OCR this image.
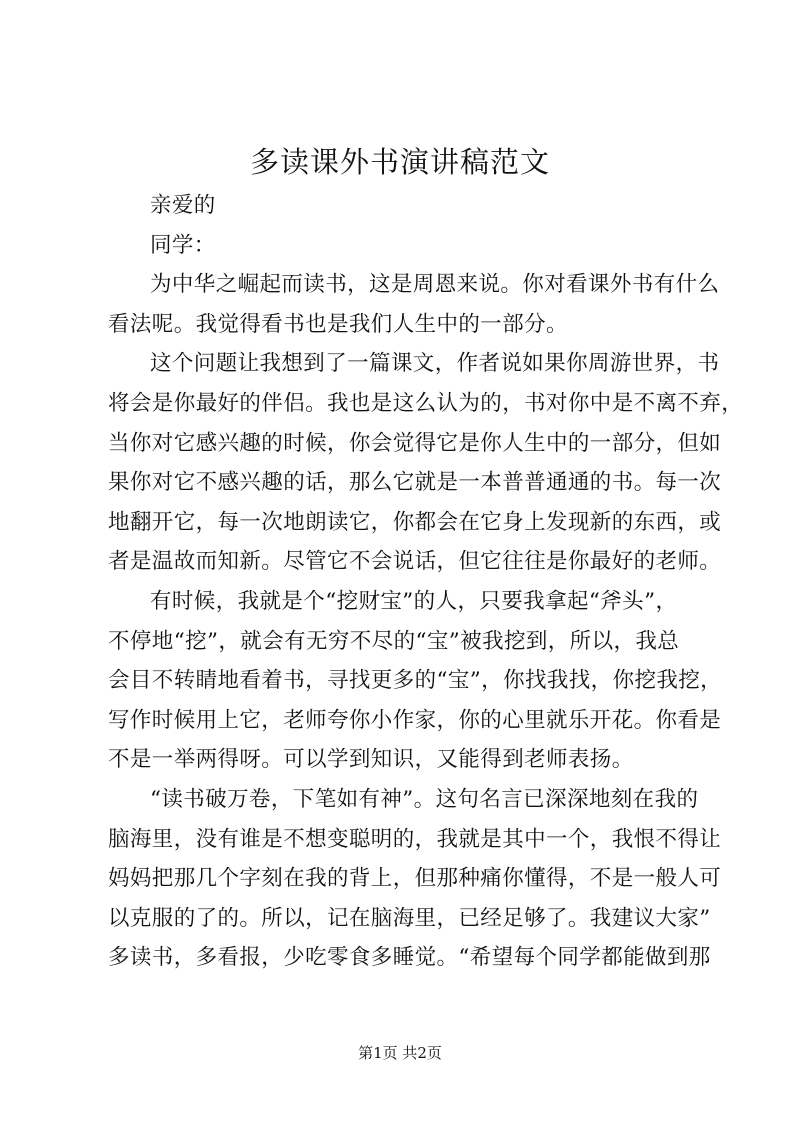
多读课外书演讲稿范文
亲爱的
同学：
为中华之崛起而读书，这是周恩来说。你对看课外书有什么
看法呢。我觉得看书也是我们人生中的一部分。
这个问题让我想到了一篇课文，作者说如果你周游世界，书
将会是你最好的伴侣。我也是这么认为的，书对你中是不离不弃，
当你对它感兴趣的时候，你会觉得它是你人生中的一部分，但如
果你对它不感兴趣的话，那么它就是一本普普通通的书。每一次
地翻开它，每一次地朗读它，你都会在它身上发现新的东西，或
者是温故而知新。尽管它不会说话，但它往往是你最好的老师。
有时候，我就是个“挖财宝”的人，只要我拿起“斧头”，
不停地“挖”，就会有无穷不尽的“宝”被我挖到，所以，我总
会目不转睛地看着书，寻找更多的“宝”，你找我找，你挖我挖，
写作时候用上它，老师夸你小作家，你的心里就乐开花。你看是
不是一举两得呀。可以学到知识，又能得到老师表扬。
“读书破万卷，下笔如有神”。这句名言已深深地刻在我的
脑海里，没有谁是不想变聪明的，我就是其中一个，我恨不得让
妈妈把那几个字刻在我的背上，但那种痛你懂得，不是一般人可
以克服的了的。所以，记在脑海里，已经足够了。我建议大家”
多读书，多看报，少吃零食多睡觉。“希望每个同学都能做到那
第1页 共2页
